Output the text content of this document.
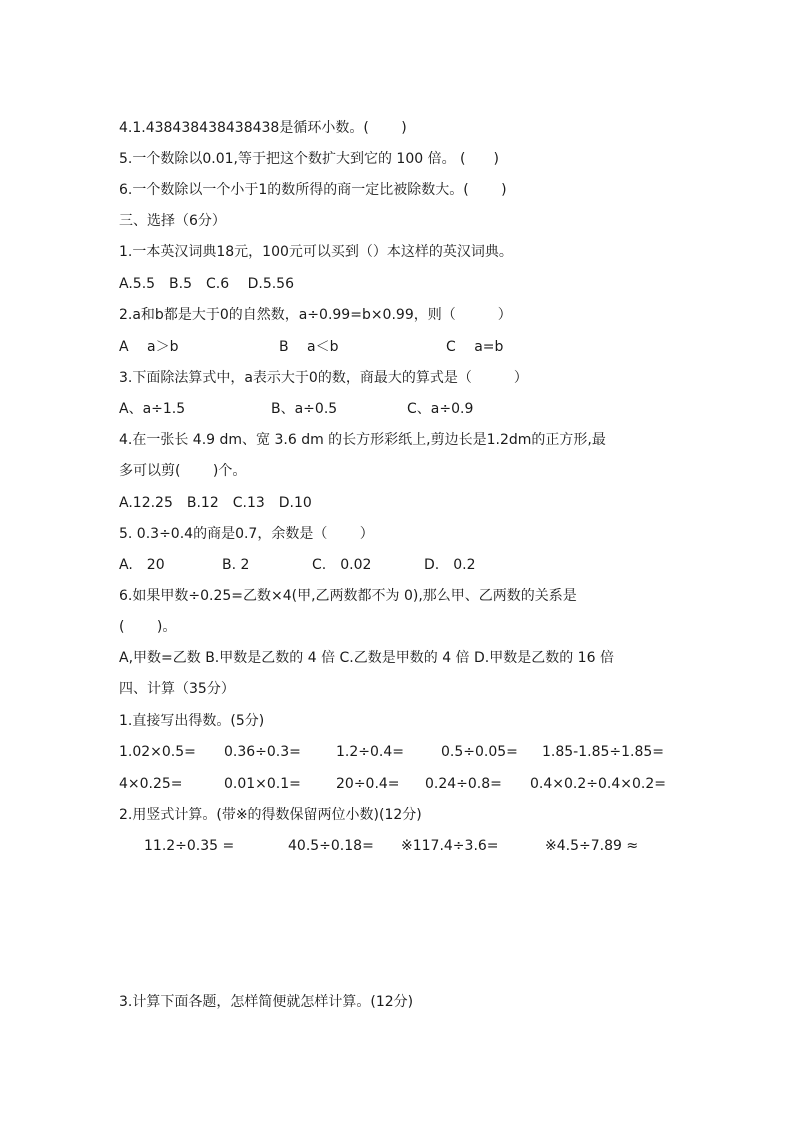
4.1.438438438438438是循环小数。(　　 )
5.一个数除以0.01,等于把这个数扩大到它的 100 倍。 (　　)
6.一个数除以一个小于1的数所得的商一定比被除数大。(　　 )
三、选择（6分）
1.一本英汉词典18元，100元可以买到（）本这样的英汉词典。
A.5.5　B.5　C.6　 D.5.56
2.a和b都是大于0的自然数，a÷0.99=b×0.99，则（　　　）
A　 a＞b	B　 a＜b	C　 a=b
3.下面除法算式中，a表示大于0的数，商最大的算式是（　　　）
A、a÷1.5	B、a÷0.5	C、a÷0.9
4.在一张长 4.9 dm、宽 3.6 dm 的长方形彩纸上,剪边长是1.2dm的正方形,最
多可以剪(　　 )个。
A.12.25　B.12　C.13　D.10
5. 0.3÷0.4的商是0.7，余数是（　　 ）
A.　20	B. 2	C.　0.02	D.　0.2
6.如果甲数÷0.25=乙数×4(甲,乙两数都不为 0),那么甲、乙两数的关系是
(　　 )。
A,甲数=乙数 B.甲数是乙数的 4 倍 C.乙数是甲数的 4 倍 D.甲数是乙数的 16 倍
四、计算（35分）
1.直接写出得数。(5分)
1.02×0.5= 0.36÷0.3=	1.2÷0.4=	0.5÷0.05= 1.85-1.85÷1.85=
4×0.25=	0.01×0.1=	20÷0.4= 0.24÷0.8= 0.4×0.2÷0.4×0.2=
2.用竖式计算。(带※的得数保留两位小数)(12分)
11.2÷0.35 =	40.5÷0.18= ※117.4÷3.6=	※4.5÷7.89 ≈
3.计算下面各题，怎样简便就怎样计算。(12分)
